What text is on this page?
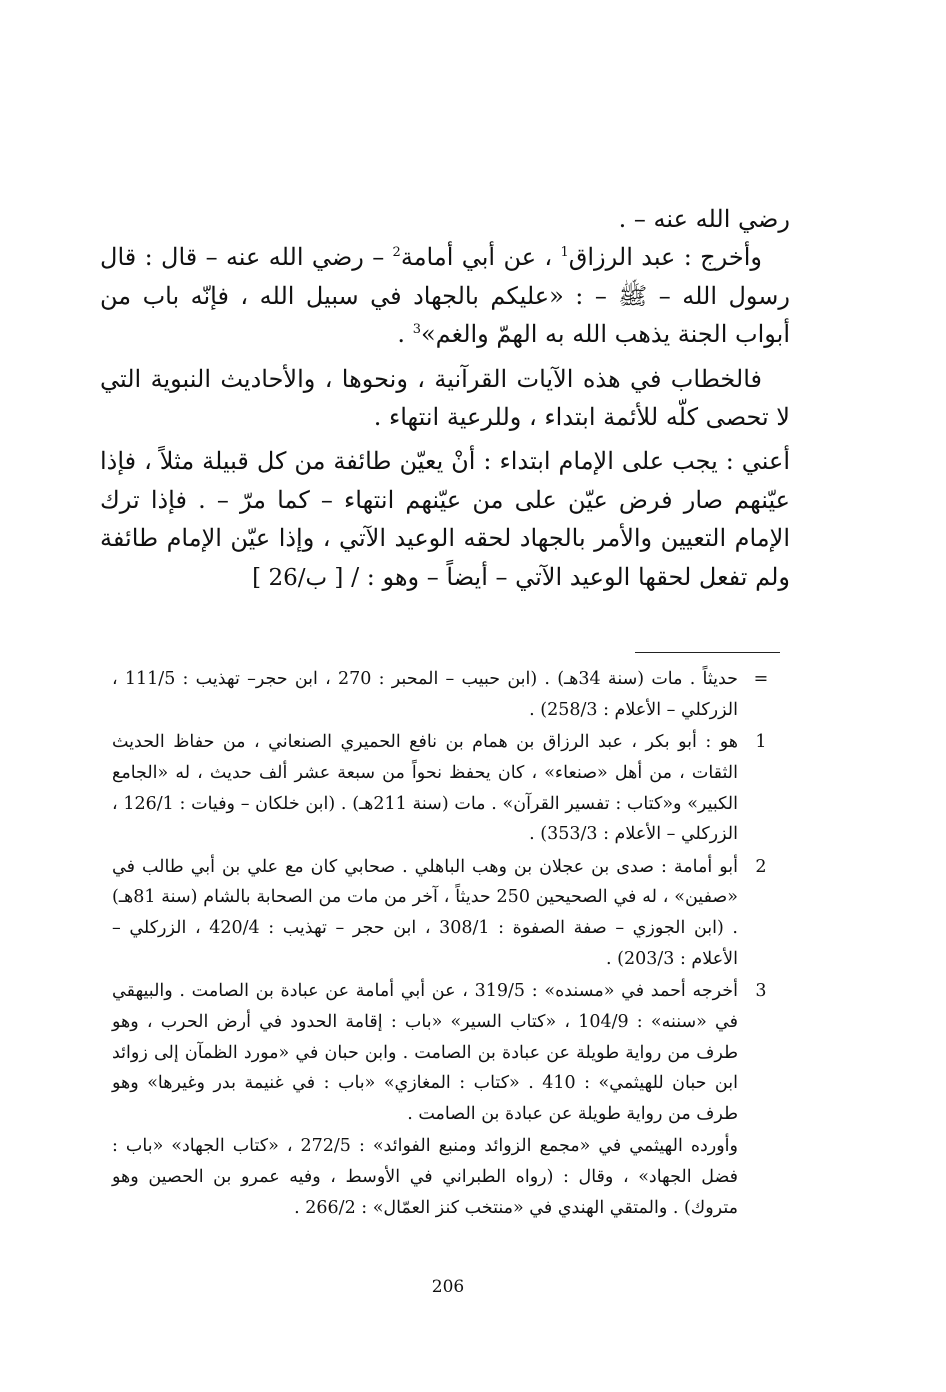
رضي الله عنه – .

وأخرج : عبد الرزاق$^1$ ، عن أبي أمامة$^2$ – رضي الله عنه – قال : قال رسول الله – ﷺ – : «عليكم بالجهاد في سبيل الله ، فإنّه باب من أبواب الجنة يذهب الله به الهمّ والغم»$^3$ .

فالخطاب في هذه الآيات القرآنية ، ونحوها ، والأحاديث النبوية التي لا تحصى كلّه للأئمة ابتداء ، وللرعية انتهاء .

أعني : يجب على الإمام ابتداء : أنْ يعيّن طائفة من كل قبيلة مثلاً ، فإذا عيّنهم صار فرض عيّن على من عيّنهم انتهاء – كما مرّ – . فإذا ترك الإمام التعيين والأمر بالجهاد لحقه الوعيد الآتي ، وإذا عيّن الإمام طائفة ولم تفعل لحقها الوعيد الآتي – أيضاً – وهو : / [ 26/ب ]

=
حديثاً . مات (سنة 34هـ) . (ابن حبيب – المحبر : 270 ، ابن حجر– تهذيب : 111/5 ، الزركلي – الأعلام : 258/3) .
1
هو : أبو بكر ، عبد الرزاق بن همام بن نافع الحميري الصنعاني ، من حفاظ الحديث الثقات ، من أهل «صنعاء» ، كان يحفظ نحواً من سبعة عشر ألف حديث ، له «الجامع الكبير» و«كتاب : تفسير القرآن» . مات (سنة 211هـ) . (ابن خلكان – وفيات : 126/1 ، الزركلي – الأعلام : 353/3) .
2
أبو أمامة : صدى بن عجلان بن وهب الباهلي . صحابي كان مع علي بن أبي طالب في «صفين» ، له في الصحيحين 250 حديثاً ، آخر من مات من الصحابة بالشام (سنة 81هـ) . (ابن الجوزي – صفة الصفوة : 308/1 ، ابن حجر – تهذيب : 420/4 ، الزركلي – الأعلام : 203/3) .
3
أخرجه أحمد في «مسنده» : 319/5 ، عن أبي أمامة عن عبادة بن الصامت . والبيهقي في «سننه» : 104/9 ، «كتاب السير» «باب : إقامة الحدود في أرض الحرب ، وهو طرف من رواية طويلة عن عبادة بن الصامت . وابن حبان في «مورد الظمآن إلى زوائد ابن حبان للهيثمي» : 410 . «كتاب : المغازي» «باب : في غنيمة بدر وغيرها» وهو طرف من رواية طويلة عن عبادة بن الصامت .

وأورده الهيثمي في «مجمع الزوائد ومنبع الفوائد» : 272/5 ، «كتاب الجهاد» «باب : فضل الجهاد» ، وقال : (رواه الطبراني في الأوسط ، وفيه عمرو بن الحصين وهو متروك) . والمتقي الهندي في «منتخب كنز العمّال» : 266/2 .

206
